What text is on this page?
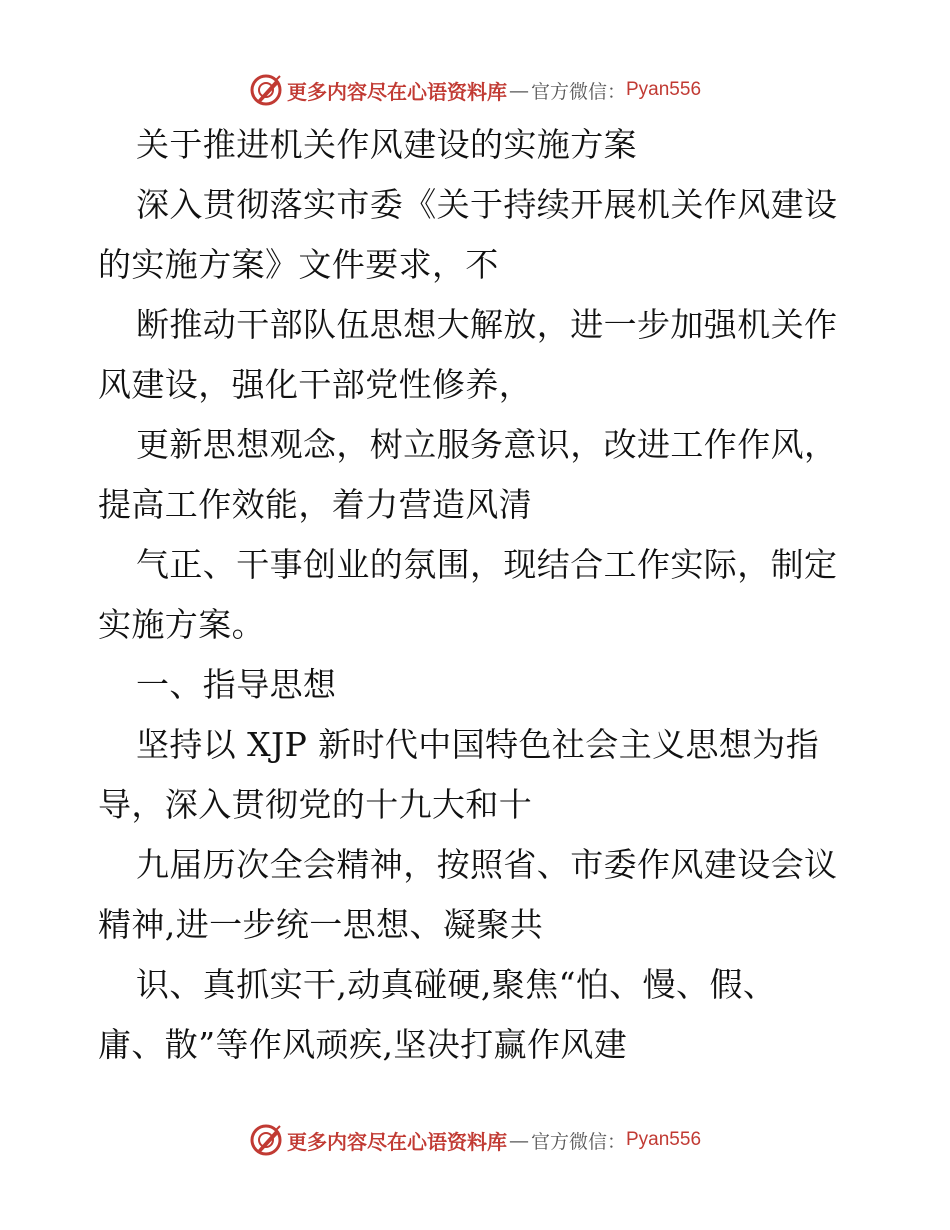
更多内容尽在心语资料库 — 官方微信： Pyan556
关于推进机关作风建设的实施方案
深入贯彻落实市委《关于持续开展机关作风建设
的实施方案》文件要求，不
断推动干部队伍思想大解放，进一步加强机关作
风建设，强化干部党性修养，
更新思想观念，树立服务意识，改进工作作风，
提高工作效能，着力营造风清
气正、干事创业的氛围，现结合工作实际，制定
实施方案。
一、指导思想
坚持以 XJP 新时代中国特色社会主义思想为指
导，深入贯彻党的十九大和十
九届历次全会精神，按照省、市委作风建设会议
精神,进一步统一思想、凝聚共
识、真抓实干,动真碰硬,聚焦“怕、慢、假、
庸、散”等作风顽疾,坚决打赢作风建
更多内容尽在心语资料库 — 官方微信： Pyan556
